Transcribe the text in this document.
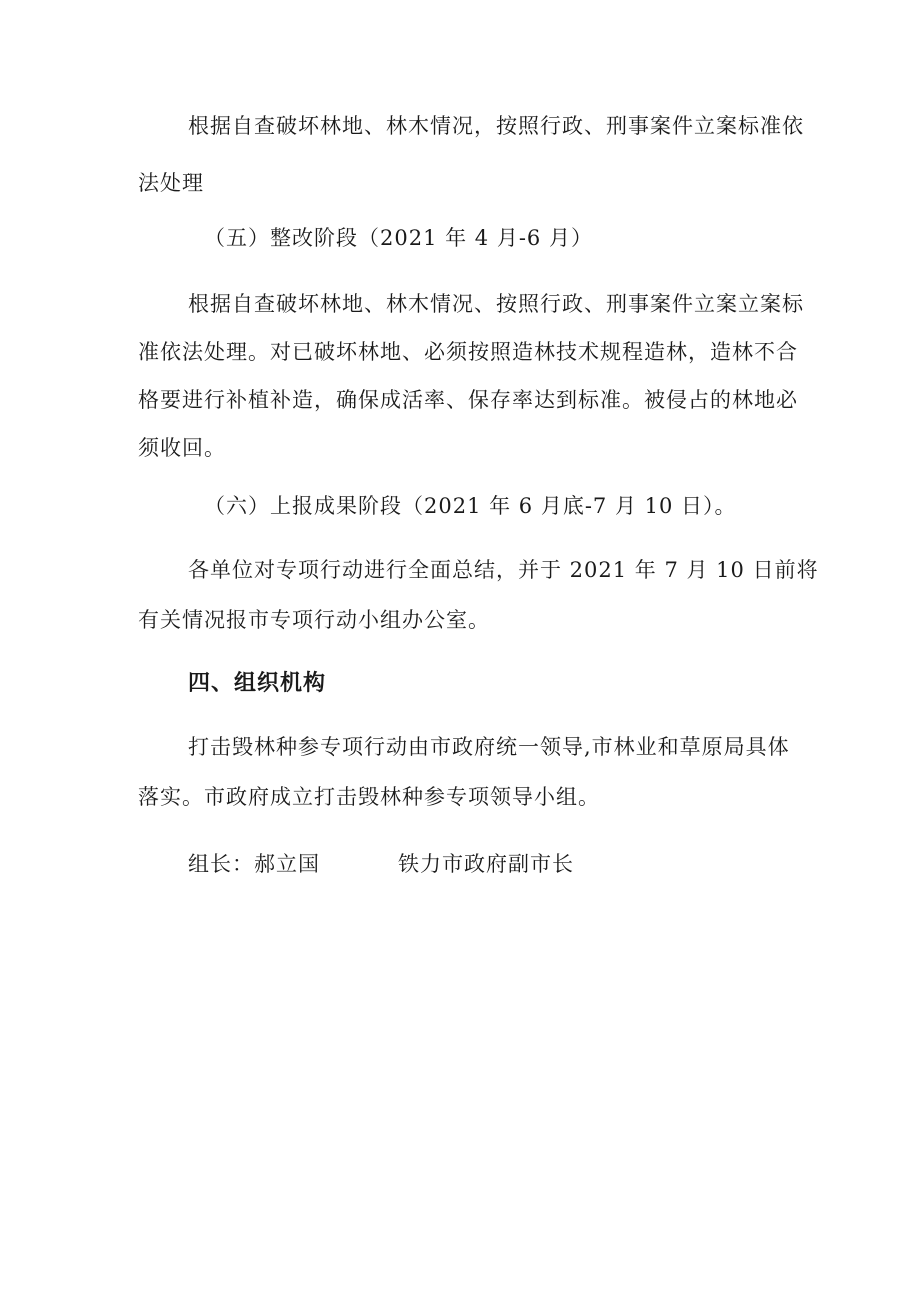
根据自查破坏林地、林木情况，按照行政、刑事案件立案标准依
法处理

（五）整改阶段（2021 年 4 月-6 月）

根据自查破坏林地、林木情况、按照行政、刑事案件立案立案标
准依法处理。对已破坏林地、必须按照造林技术规程造林，造林不合
格要进行补植补造，确保成活率、保存率达到标准。被侵占的林地必
须收回。

（六）上报成果阶段（2021 年 6 月底-7 月 10 日）。

各单位对专项行动进行全面总结，并于 2021 年 7 月 10 日前将
有关情况报市专项行动小组办公室。

四、组织机构

打击毁林种参专项行动由市政府统一领导,市林业和草原局具体
落实。市政府成立打击毁林种参专项领导小组。

组长：郝立国	铁力市政府副市长
